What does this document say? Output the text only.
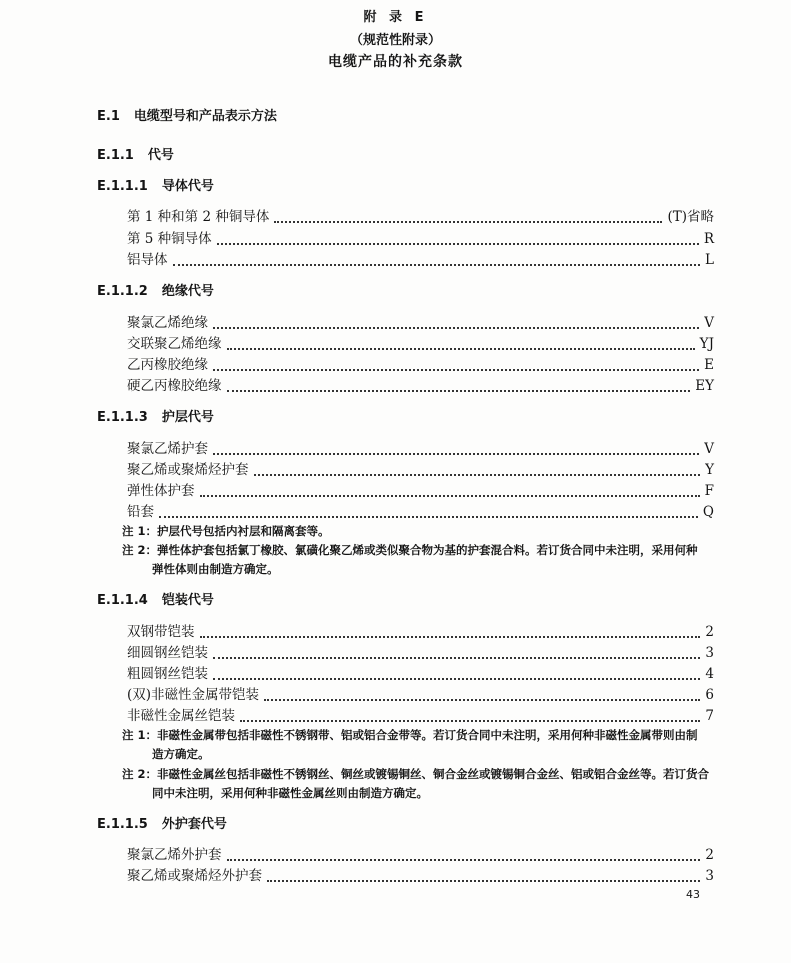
附 录 E
（规范性附录）
电缆产品的补充条款
E.1 电缆型号和产品表示方法
E.1.1 代号
E.1.1.1 导体代号
第 1 种和第 2 种铜导体	(T)省略
第 5 种铜导体	R
铝导体	L
E.1.1.2 绝缘代号
聚氯乙烯绝缘	V
交联聚乙烯绝缘	YJ
乙丙橡胶绝缘	E
硬乙丙橡胶绝缘	EY
E.1.1.3 护层代号
聚氯乙烯护套	V
聚乙烯或聚烯烃护套	Y
弹性体护套	F
铅套	Q
注 1：护层代号包括内衬层和隔离套等。
注 2：弹性体护套包括氯丁橡胶、氯磺化聚乙烯或类似聚合物为基的护套混合料。若订货合同中未注明，采用何种
弹性体则由制造方确定。
E.1.1.4 铠装代号
双钢带铠装	2
细圆钢丝铠装	3
粗圆钢丝铠装	4
(双)非磁性金属带铠装	6
非磁性金属丝铠装	7
注 1：非磁性金属带包括非磁性不锈钢带、铝或铝合金带等。若订货合同中未注明，采用何种非磁性金属带则由制
造方确定。
注 2：非磁性金属丝包括非磁性不锈钢丝、铜丝或镀锡铜丝、铜合金丝或镀锡铜合金丝、铝或铝合金丝等。若订货合
同中未注明，采用何种非磁性金属丝则由制造方确定。
E.1.1.5 外护套代号
聚氯乙烯外护套	2
聚乙烯或聚烯烃外护套	3
43
